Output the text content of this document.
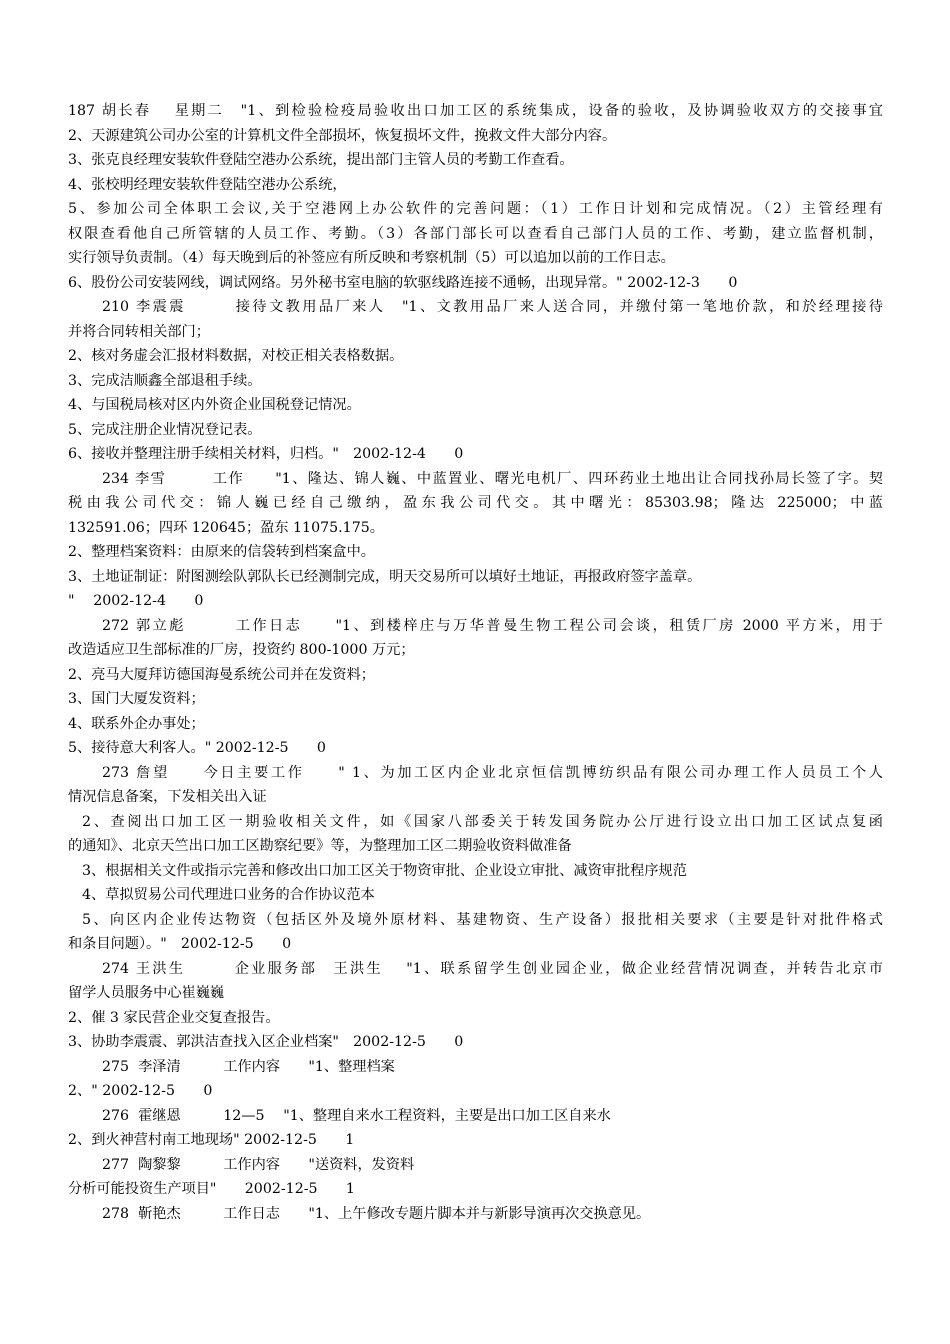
187 胡长春　 星期二　"1、到检验检疫局验收出口加工区的系统集成，设备的验收，及协调验收双方的交接事宜
2、天源建筑公司办公室的计算机文件全部损坏，恢复损坏文件，挽救文件大部分内容。
3、张克良经理安装软件登陆空港办公系统，提出部门主管人员的考勤工作查看。
4、张校明经理安装软件登陆空港办公系统，
5、参加公司全体职工会议,关于空港网上办公软件的完善问题：（1）工作日计划和完成情况。（2）主管经理有
权限查看他自己所管辖的人员工作、考勤。（3）各部门部长可以查看自己部门人员的工作、考勤，建立监督机制，
实行领导负责制。（4）每天晚到后的补签应有所反映和考察机制（5）可以追加以前的工作日志。
6、股份公司安装网线，调试网络。另外秘书室电脑的软驱线路连接不通畅，出现异常。" 2002-12-3　　0
210 李震震　　　接待文教用品厂来人　"1、文教用品厂来人送合同，并缴付第一笔地价款，和於经理接待
并将合同转相关部门；
2、核对务虚会汇报材料数据，对校正相关表格数据。
3、完成洁顺鑫全部退租手续。
4、与国税局核对区内外资企业国税登记情况。
5、完成注册企业情况登记表。
6、接收并整理注册手续相关材料，归档。"　2002-12-4　　0
234 李雪　　　工作　　"1、隆达、锦人巍、中蓝置业、曙光电机厂、四环药业土地出让合同找孙局长签了字。契
税由我公司代交：锦人巍已经自己缴纳，盈东我公司代交。其中曙光：85303.98；隆达 225000；中蓝
132591.06；四环 120645；盈东 11075.175。
2、整理档案资料：由原来的信袋转到档案盒中。
3、土地证制证：附图测绘队郭队长已经测制完成，明天交易所可以填好土地证，再报政府签字盖章。
"　 2002-12-4　　0
272 郭立彪　　　工作日志　　"1、到楼梓庄与万华普曼生物工程公司会谈，租赁厂房 2000 平方米，用于
改造适应卫生部标准的厂房，投资约 800-1000 万元；
2、亮马大厦拜访德国海曼系统公司并在发资料；
3、国门大厦发资料；
4、联系外企办事处；
5、接待意大利客人。" 2002-12-5　　0
273 詹望　　今日主要工作　　" 1、为加工区内企业北京恒信凯博纺织品有限公司办理工作人员员工个人
情况信息备案，下发相关出入证
2、查阅出口加工区一期验收相关文件，如《国家八部委关于转发国务院办公厅进行设立出口加工区试点复函
的通知》、北京天竺出口加工区勘察纪要》等，为整理加工区二期验收资料做准备
3、根据相关文件或指示完善和修改出口加工区关于物资审批、企业设立审批、减资审批程序规范
4、草拟贸易公司代理进口业务的合作协议范本
5、向区内企业传达物资（包括区外及境外原材料、基建物资、生产设备）报批相关要求（主要是针对批件格式
和条目问题）。"　2002-12-5　　0
274 王洪生　　　企业服务部　王洪生　 "1、联系留学生创业园企业，做企业经营情况调查，并转告北京市
留学人员服务中心崔巍巍
2、催 3 家民营企业交复查报告。
3、协助李震震、郭洪洁查找入区企业档案"　2002-12-5　　0
275  李泽清　　　工作内容　　"1、整理档案
2、" 2002-12-5　　0
276  霍继恩　　　12—5　 "1、整理自来水工程资料，主要是出口加工区自来水
2、到火神营村南工地现场" 2002-12-5　　1
277  陶黎黎　　　工作内容　　"送资料，发资料
分析可能投资生产项目"　　2002-12-5　　1
278  靳艳杰　　　工作日志　　"1、上午修改专题片脚本并与新影导演再次交换意见。
